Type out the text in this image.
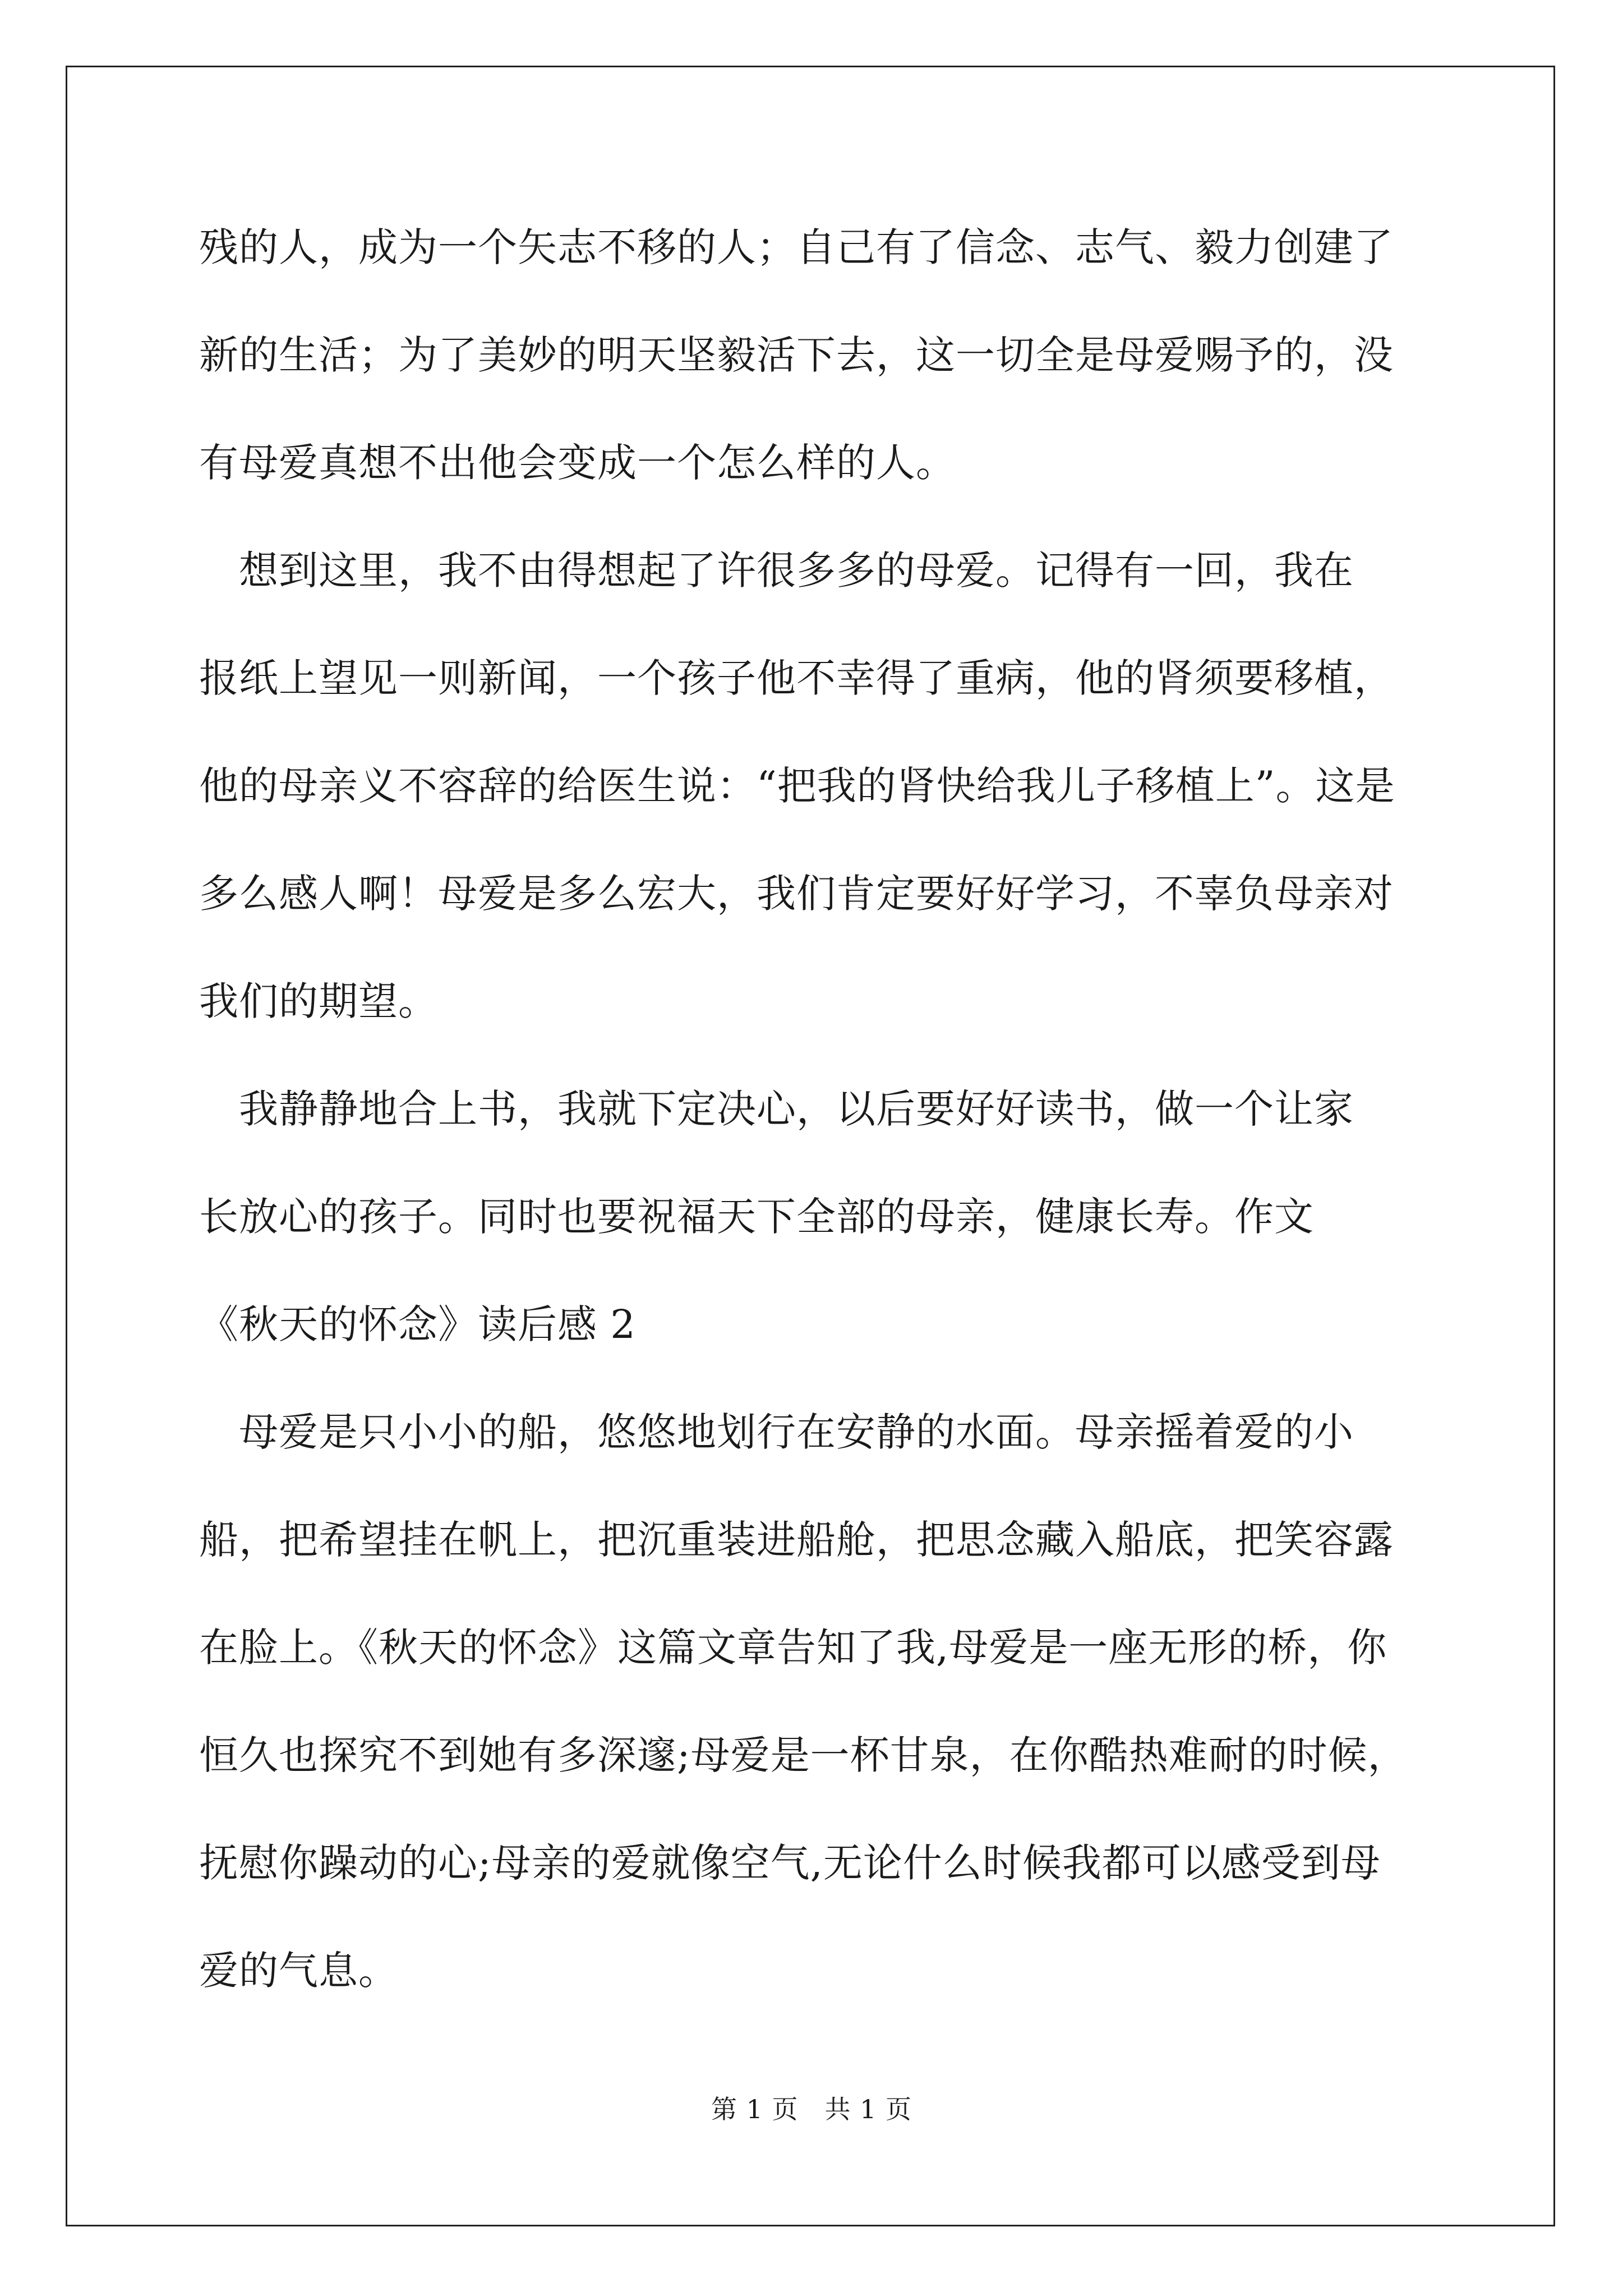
残的人，成为一个矢志不移的人；自己有了信念、志气、毅力创建了
新的生活；为了美妙的明天坚毅活下去，这一切全是母爱赐予的，没
有母爱真想不出他会变成一个怎么样的人。
　想到这里，我不由得想起了许很多多的母爱。记得有一回，我在
报纸上望见一则新闻，一个孩子他不幸得了重病，他的肾须要移植，
他的母亲义不容辞的给医生说：“把我的肾快给我儿子移植上”。这是
多么感人啊！母爱是多么宏大，我们肯定要好好学习，不辜负母亲对
我们的期望。
　我静静地合上书，我就下定决心，以后要好好读书，做一个让家
长放心的孩子。同时也要祝福天下全部的母亲，健康长寿。作文
《秋天的怀念》读后感 2
　母爱是只小小的船，悠悠地划行在安静的水面。母亲摇着爱的小
船，把希望挂在帆上，把沉重装进船舱，把思念藏入船底，把笑容露
在脸上。《秋天的怀念》这篇文章告知了我,母爱是一座无形的桥，你
恒久也探究不到她有多深邃;母爱是一杯甘泉，在你酷热难耐的时候，
抚慰你躁动的心;母亲的爱就像空气,无论什么时候我都可以感受到母
爱的气息。
第 1 页　共 1 页
